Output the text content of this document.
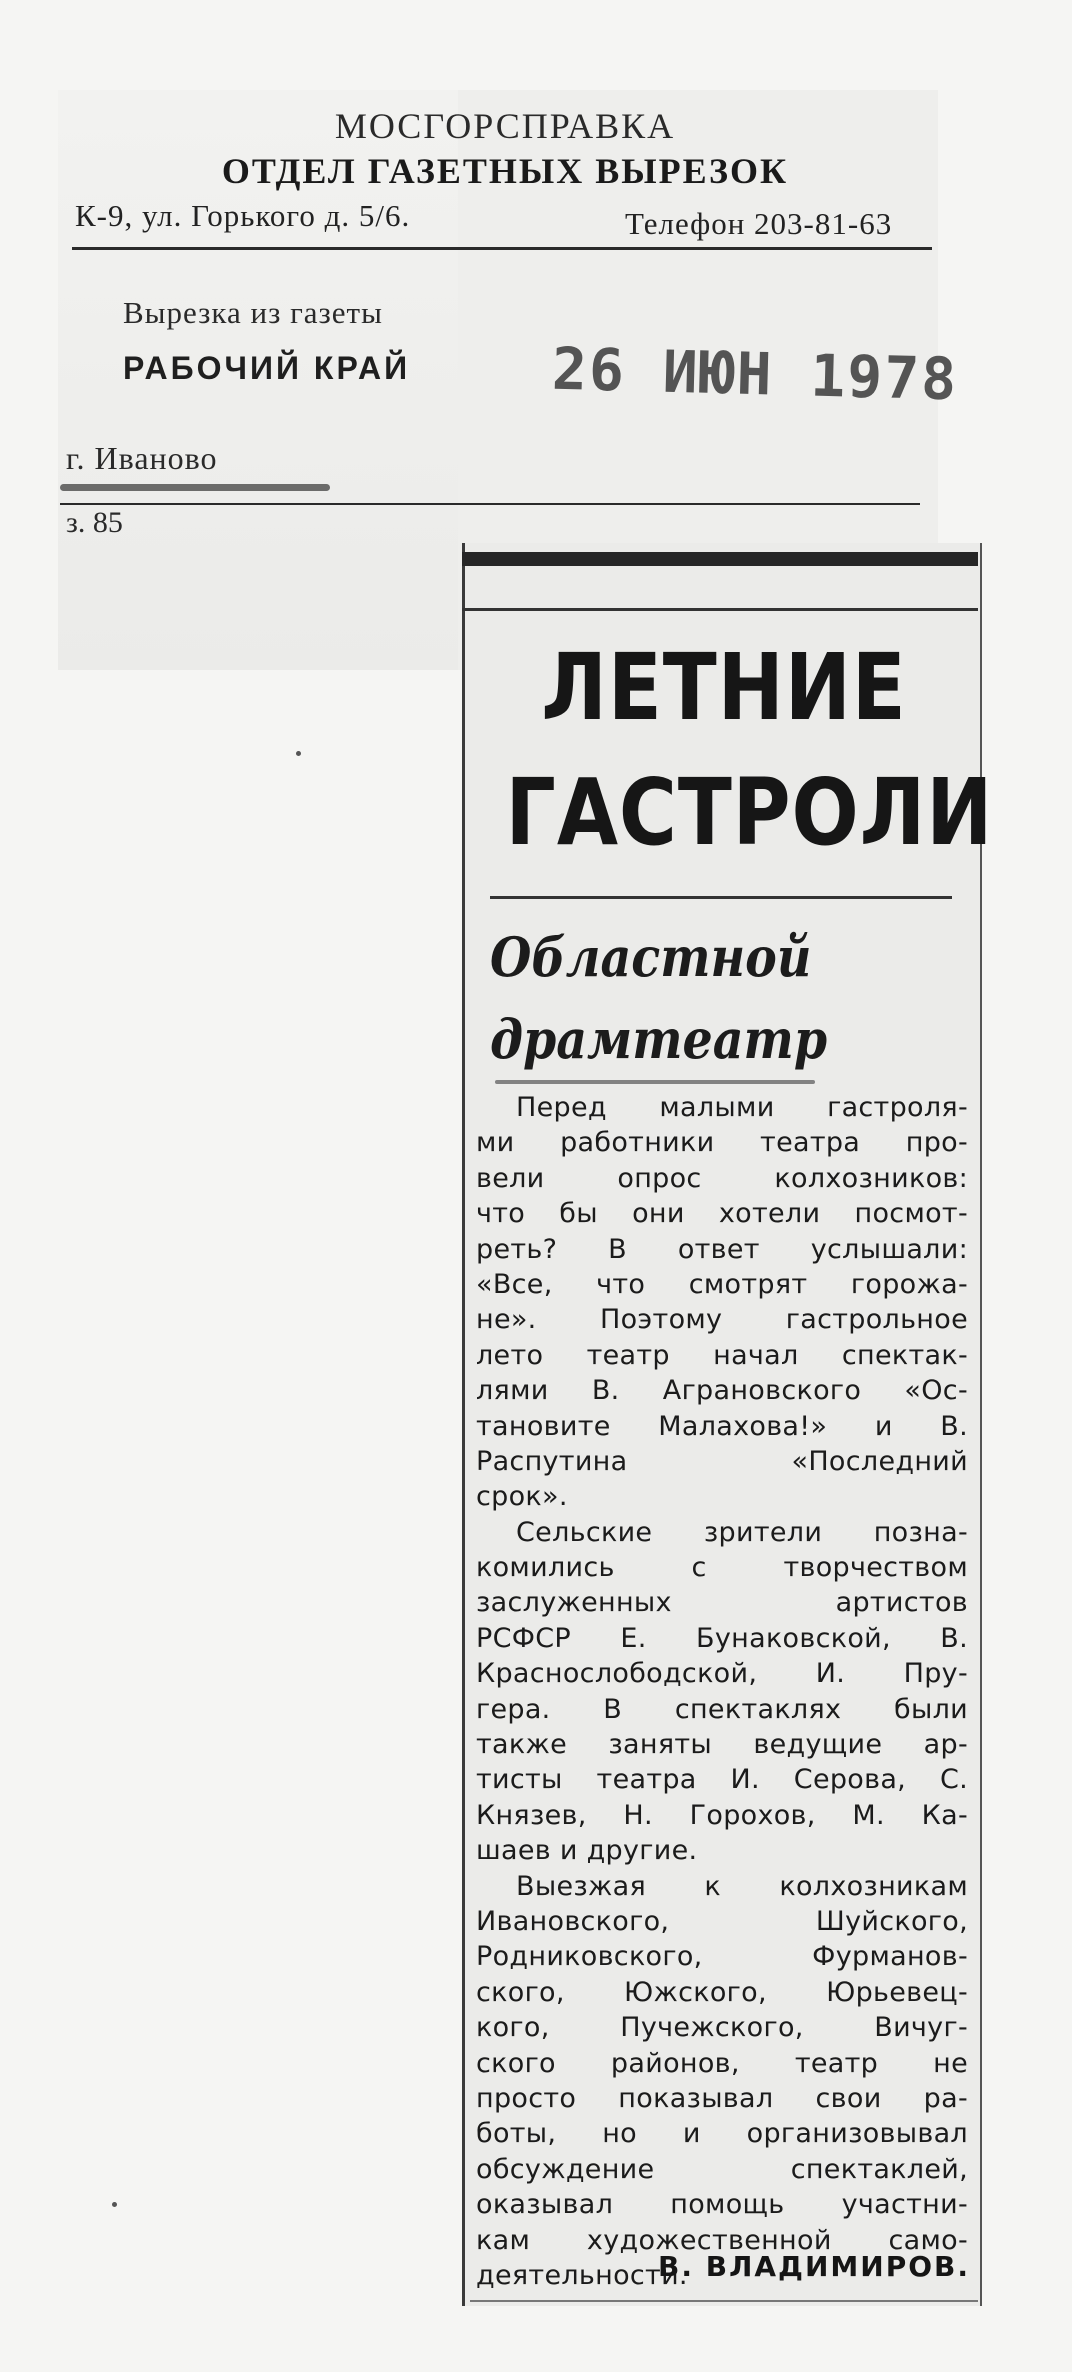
МОСГОРСПРАВКА
ОТДЕЛ ГАЗЕТНЫХ ВЫРЕЗОК
К-9, ул. Горького д. 5/6.	Телефон 203-81-63
Вырезка из газеты
РАБОЧИЙ КРАЙ 26 ИЮН 1978
г. Иваново
з. 85
ЛЕТНИЕ
ГАСТРОЛИ
Областной
драмтеатр
Перед малыми гастроля-
ми работники театра про-
вели опрос колхозников:
что бы они хотели посмот-
реть? В ответ услышали:
«Все, что смотрят горожа-
не». Поэтому гастрольное
лето театр начал спектак-
лями В. Аграновского «Ос-
тановите Малахова!» и В.
Распутина «Последний
срок».
Сельские зрители позна-
комились с творчеством
заслуженных артистов
РСФСР Е. Бунаковской, В.
Краснослободской, И. Пру-
гера. В спектаклях были
также заняты ведущие ар-
тисты театра И. Серова, С.
Князев, Н. Горохов, М. Ка-
шаев и другие.
Выезжая к колхозникам
Ивановского, Шуйского,
Родниковского, Фурманов-
ского, Южского, Юрьевец-
кого, Пучежского, Вичуг-
ского районов, театр не
просто показывал свои ра-
боты, но и организовывал
обсуждение спектаклей,
оказывал помощь участни-
кам художественной само-
деятельности.
В. ВЛАДИМИРОВ.
